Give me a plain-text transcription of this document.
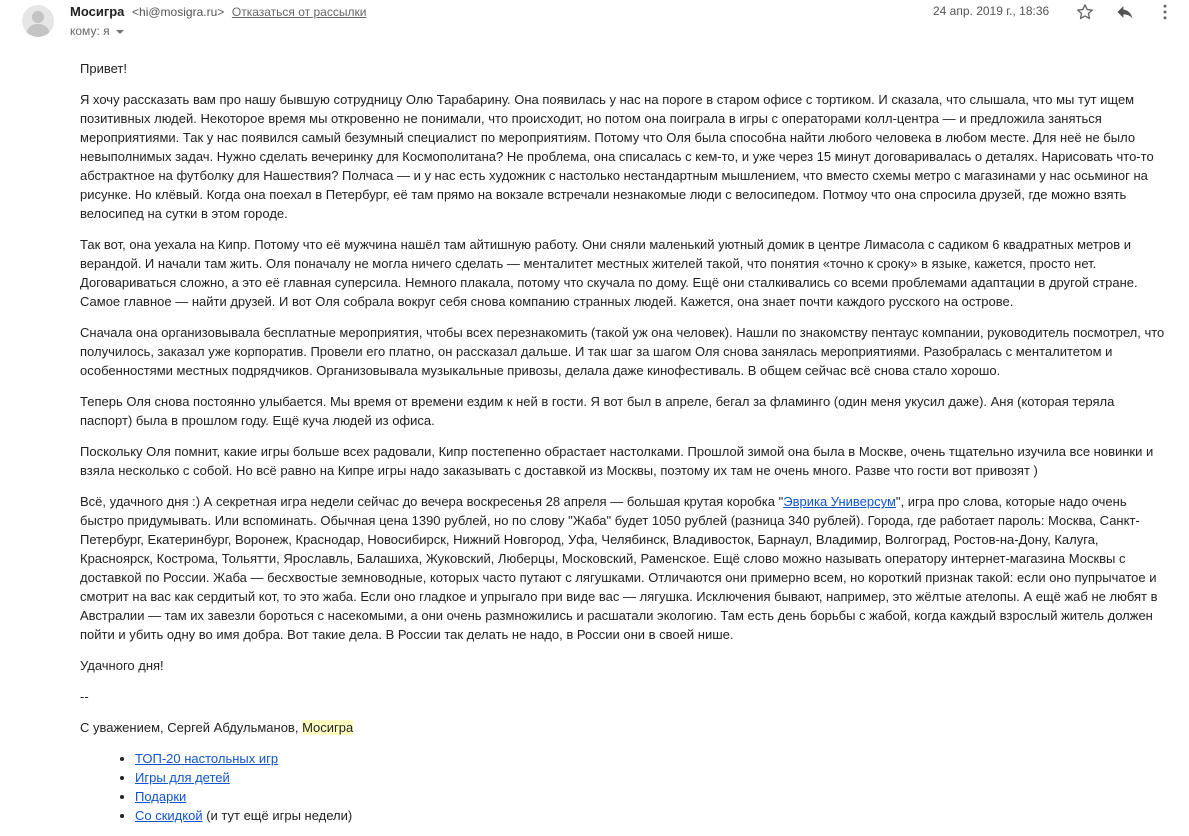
Мосигра <hi@mosigra.ru> Отказаться от рассылки
кому: я
24 апр. 2019 г., 18:36

Привет!

Я хочу рассказать вам про нашу бывшую сотрудницу Олю Тарабарину. Она появилась у нас на пороге в старом офисе с тортиком. И сказала, что слышала, что мы тут ищем позитивных людей. Некоторое время мы откровенно не понимали, что происходит, но потом она поиграла в игры с операторами колл-центра — и предложила заняться мероприятиями. Так у нас появился самый безумный специалист по мероприятиям. Потому что Оля была способна найти любого человека в любом месте. Для неё не было невыполнимых задач. Нужно сделать вечеринку для Космополитана? Не проблема, она списалась с кем-то, и уже через 15 минут договаривалась о деталях. Нарисовать что-то абстрактное на футболку для Нашествия? Полчаса — и у нас есть художник с настолько нестандартным мышлением, что вместо схемы метро с магазинами у нас осьминог на рисунке. Но клёвый. Когда она поехал в Петербург, её там прямо на вокзале встречали незнакомые люди с велосипедом. Потмоу что она спросила друзей, где можно взять велосипед на сутки в этом городе.

Так вот, она уехала на Кипр. Потому что её мужчина нашёл там айтишную работу. Они сняли маленький уютный домик в центре Лимасола с садиком 6 квадратных метров и верандой. И начали там жить. Оля поначалу не могла ничего сделать — менталитет местных жителей такой, что понятия «точно к сроку» в языке, кажется, просто нет. Договариваться сложно, а это её главная суперсила. Немного плакала, потому что скучала по дому. Ещё они сталкивались со всеми проблемами адаптации в другой стране. Самое главное — найти друзей. И вот Оля собрала вокруг себя снова компанию странных людей. Кажется, она знает почти каждого русского на острове.

Сначала она организовывала бесплатные мероприятия, чтобы всех перезнакомить (такой уж она человек). Нашли по знакомству пентаус компании, руководитель посмотрел, что получилось, заказал уже корпоратив. Провели его платно, он рассказал дальше. И так шаг за шагом Оля снова занялась мероприятиями. Разобралась с менталитетом и особенностями местных подрядчиков. Организовывала музыкальные привозы, делала даже кинофестиваль. В общем сейчас всё снова стало хорошо.

Теперь Оля снова постоянно улыбается. Мы время от времени ездим к ней в гости. Я вот был в апреле, бегал за фламинго (один меня укусил даже). Аня (которая теряла паспорт) была в прошлом году. Ещё куча людей из офиса.

Поскольку Оля помнит, какие игры больше всех радовали, Кипр постепенно обрастает настолками. Прошлой зимой она была в Москве, очень тщательно изучила все новинки и взяла несколько с собой. Но всё равно на Кипре игры надо заказывать с доставкой из Москвы, поэтому их там не очень много. Разве что гости вот привозят )

Всё, удачного дня :) А секретная игра недели сейчас до вечера воскресенья 28 апреля — большая крутая коробка "Эврика Универсум", игра про слова, которые надо очень быстро придумывать. Или вспоминать. Обычная цена 1390 рублей, но по слову "Жаба" будет 1050 рублей (разница 340 рублей). Города, где работает пароль: Москва, Санкт-Петербург, Екатеринбург, Воронеж, Краснодар, Новосибирск, Нижний Новгород, Уфа, Челябинск, Владивосток, Барнаул, Владимир, Волгоград, Ростов-на-Дону, Калуга, Красноярск, Кострома, Тольятти, Ярославль, Балашиха, Жуковский, Люберцы, Московский, Раменское. Ещё слово можно называть оператору интернет-магазина Москвы с доставкой по России. Жаба — бесхвостые земноводные, которых часто путают с лягушками. Отличаются они примерно всем, но короткий признак такой: если оно пупрычатое и смотрит на вас как сердитый кот, то это жаба. Если оно гладкое и упрыгало при виде вас — лягушка. Исключения бывают, например, это жёлтые ателопы. А ещё жаб не любят в Австралии — там их завезли бороться с насекомыми, а они очень размножились и расшатали экологию. Там есть день борьбы с жабой, когда каждый взрослый житель должен пойти и убить одну во имя добра. Вот такие дела. В России так делать не надо, в России они в своей нише.

Удачного дня!

--

С уважением, Сергей Абдульманов, Мосигра

• ТОП-20 настольных игр
• Игры для детей
• Подарки
• Со скидкой (и тут ещё игры недели)
